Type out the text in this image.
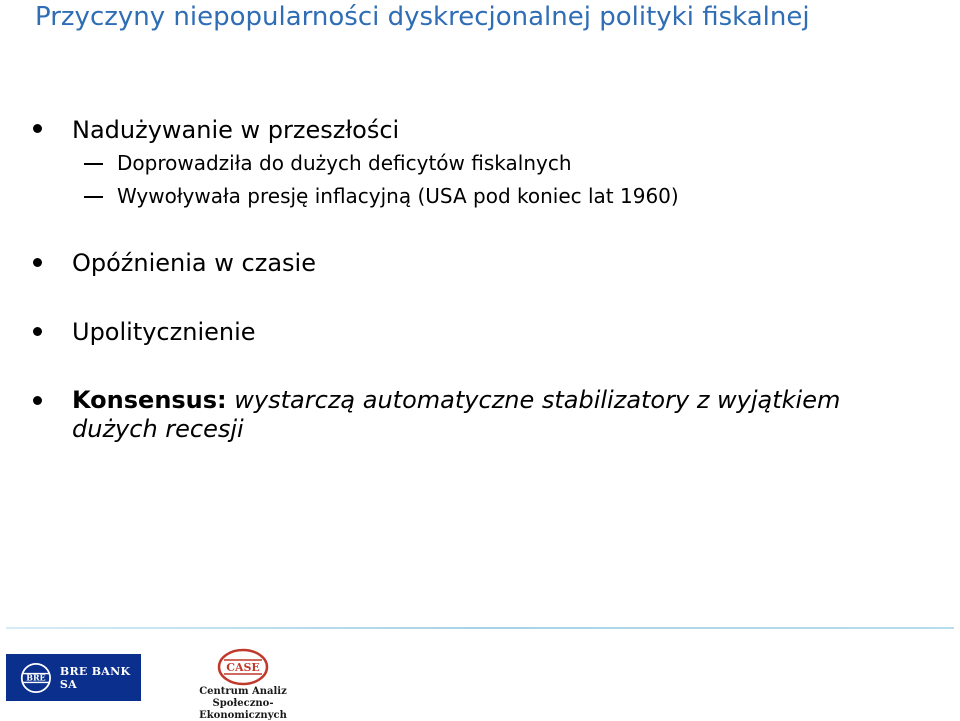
Przyczyny niepopularności dyskrecjonalnej polityki fiskalnej
Nadużywanie w przeszłości
Doprowadziła do dużych deficytów fiskalnych
Wywoływała presję inflacyjną (USA pod koniec lat 1960)
Opóźnienia w czasie
Upolitycznienie
Konsensus: wystarczą automatyczne stabilizatory z wyjątkiem dużych recesji
BRE
BRE BANK SA
CASE
Centrum Analiz
Społeczno-Ekonomicznych
